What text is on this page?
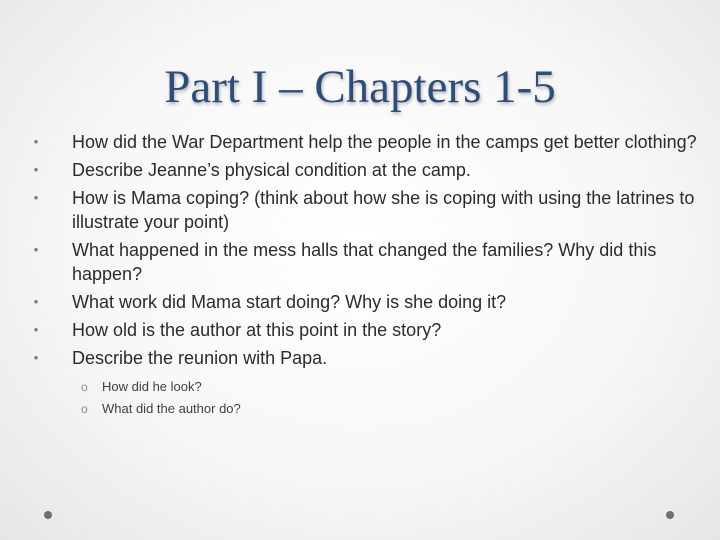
Part I – Chapters 1-5
•	How did the War Department help the people in the camps get better clothing?
•	Describe Jeanne’s physical condition at the camp.
•	How is Mama coping? (think about how she is coping with using the latrines to illustrate your point)
•	What happened in the mess halls that changed the families? Why did this happen?
•	What work did Mama start doing? Why is she doing it?
•	How old is the author at this point in the story?
•	Describe the reunion with Papa.
o How did he look?
o What did the author do?
